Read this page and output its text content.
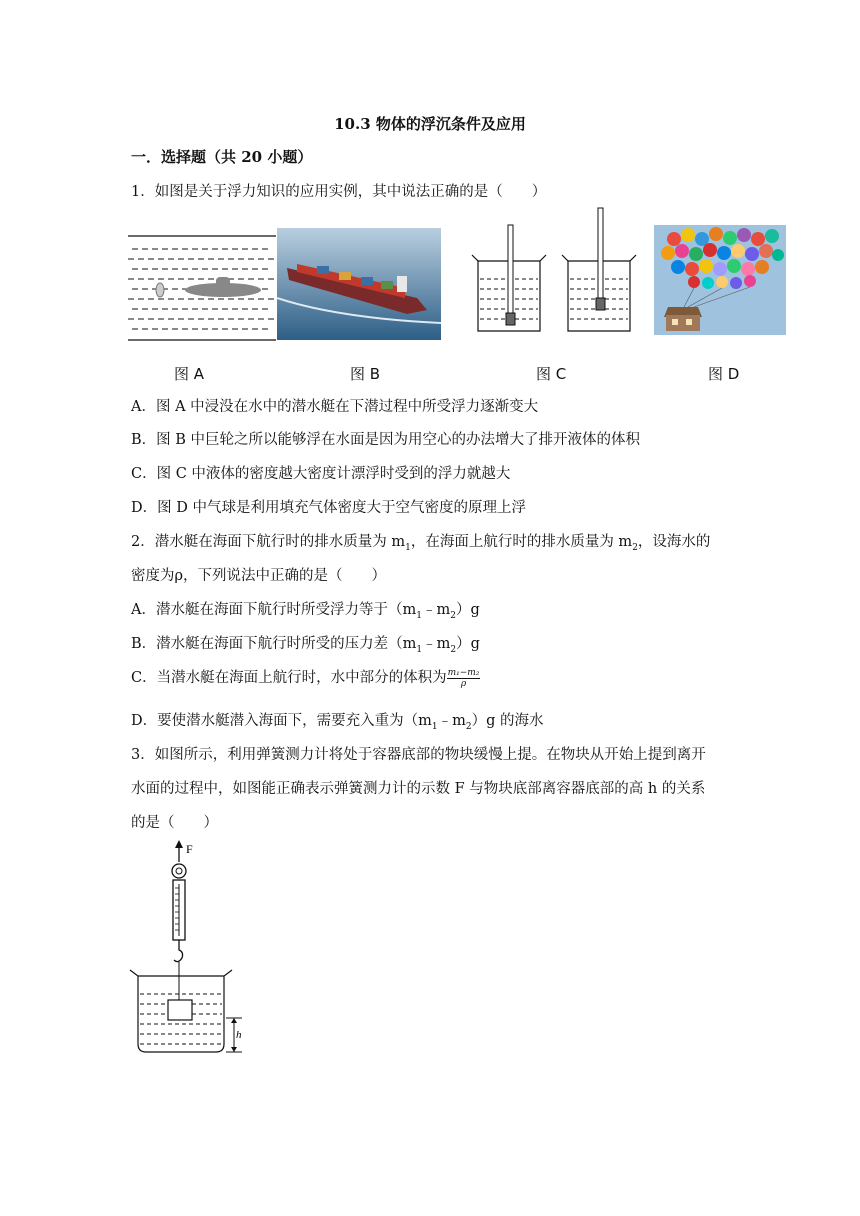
10.3 物体的浮沉条件及应用
一．选择题（共 20 小题）
1．如图是关于浮力知识的应用实例，其中说法正确的是（　　）
图 A	图 B	图 C	图 D
A．图 A 中浸没在水中的潜水艇在下潜过程中所受浮力逐渐变大
B．图 B 中巨轮之所以能够浮在水面是因为用空心的办法增大了排开液体的体积
C．图 C 中液体的密度越大密度计漂浮时受到的浮力就越大
D．图 D 中气球是利用填充气体密度大于空气密度的原理上浮
2．潜水艇在海面下航行时的排水质量为 $m_1$，在海面上航行时的排水质量为 $m_2$，设海水的
密度为ρ，下列说法中正确的是（　　）
A．潜水艇在海面下航行时所受浮力等于$(m_1﹣m_2)g$
B．潜水艇在海面下航行时所受的压力差$(m_1﹣m_2)g$
C．当潜水艇在海面上航行时，水中部分的体积为 $\frac{\text{m₁−m₂}}{\rho}$
D．要使潜水艇潜入海面下，需要充入重为$(m_1﹣m_2)g$ 的海水
3．如图所示，利用弹簧测力计将处于容器底部的物块缓慢上提。在物块从开始上提到离开
水面的过程中，如图能正确表示弹簧测力计的示数 F 与物块底部离容器底部的高 h 的关系
的是（　　）
F
h
